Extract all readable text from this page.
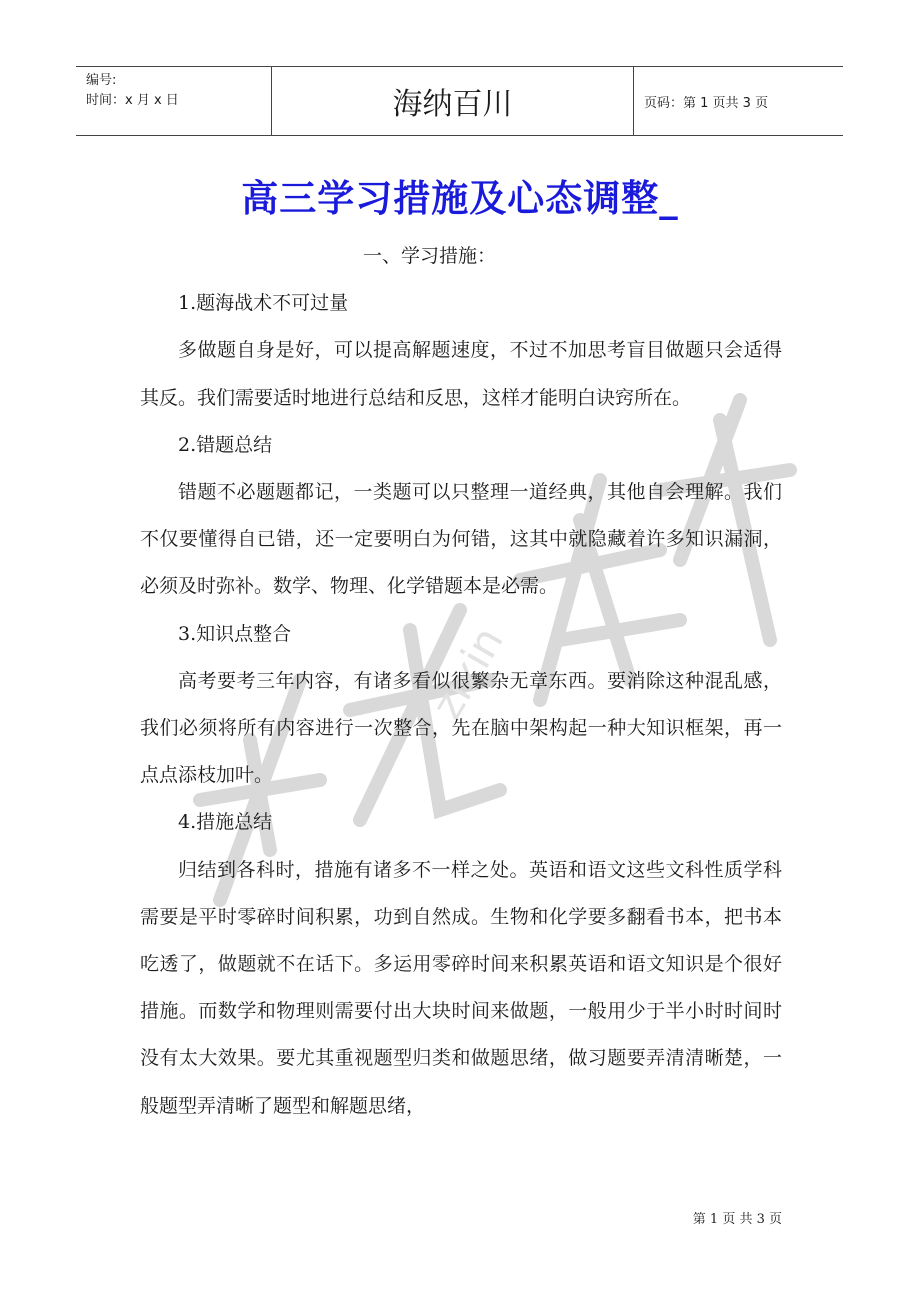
编号:
时间：x 月 x 日	海纳百川	页码：第 1 页共 3 页
zixin
高三学习措施及心态调整_

一、学习措施：

1.题海战术不可过量

多做题自身是好，可以提高解题速度，不过不加思考盲目做题只会适得其反。我们需要适时地进行总结和反思，这样才能明白诀窍所在。

2.错题总结

错题不必题题都记，一类题可以只整理一道经典，其他自会理解。我们不仅要懂得自已错，还一定要明白为何错，这其中就隐藏着许多知识漏洞，必须及时弥补。数学、物理、化学错题本是必需。

3.知识点整合

高考要考三年内容，有诸多看似很繁杂无章东西。要消除这种混乱感，我们必须将所有内容进行一次整合，先在脑中架构起一种大知识框架，再一点点添枝加叶。

4.措施总结

归结到各科时，措施有诸多不一样之处。英语和语文这些文科性质学科需要是平时零碎时间积累，功到自然成。生物和化学要多翻看书本，把书本吃透了，做题就不在话下。多运用零碎时间来积累英语和语文知识是个很好措施。而数学和物理则需要付出大块时间来做题，一般用少于半小时时间时没有太大效果。要尤其重视题型归类和做题思绪，做习题要弄清清晰楚，一般题型弄清晰了题型和解题思绪，

第 1 页 共 3 页
